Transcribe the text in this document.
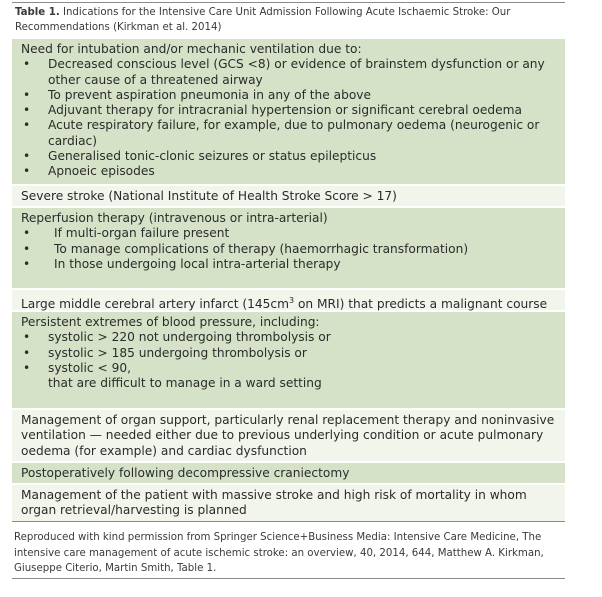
Table 1. Indications for the Intensive Care Unit Admission Following Acute Ischaemic Stroke: Our Recommendations (Kirkman et al. 2014)
Need for intubation and/or mechanic ventilation due to:
• Decreased conscious level (GCS <8) or evidence of brainstem dysfunction or any other cause of a threatened airway
• To prevent aspiration pneumonia in any of the above
• Adjuvant therapy for intracranial hypertension or significant cerebral oedema
• Acute respiratory failure, for example, due to pulmonary oedema (neurogenic or cardiac)
• Generalised tonic-clonic seizures or status epilepticus
• Apnoeic episodes
Severe stroke (National Institute of Health Stroke Score > 17)
Reperfusion therapy (intravenous or intra-arterial)
• If multi-organ failure present
• To manage complications of therapy (haemorrhagic transformation)
• In those undergoing local intra-arterial therapy
Large middle cerebral artery infarct ($145cm^3$ on MRI) that predicts a malignant course
Persistent extremes of blood pressure, including:
• systolic > 220 not undergoing thrombolysis or
• systolic > 185 undergoing thrombolysis or
• systolic < 90,
that are difficult to manage in a ward setting
Management of organ support, particularly renal replacement therapy and noninvasive ventilation — needed either due to previous underlying condition or acute pulmonary oedema (for example) and cardiac dysfunction
Postoperatively following decompressive craniectomy
Management of the patient with massive stroke and high risk of mortality in whom organ retrieval/harvesting is planned
Reproduced with kind permission from Springer Science+Business Media: Intensive Care Medicine, The intensive care management of acute ischemic stroke: an overview, 40, 2014, 644, Matthew A. Kirkman, Giuseppe Citerio, Martin Smith, Table 1.
